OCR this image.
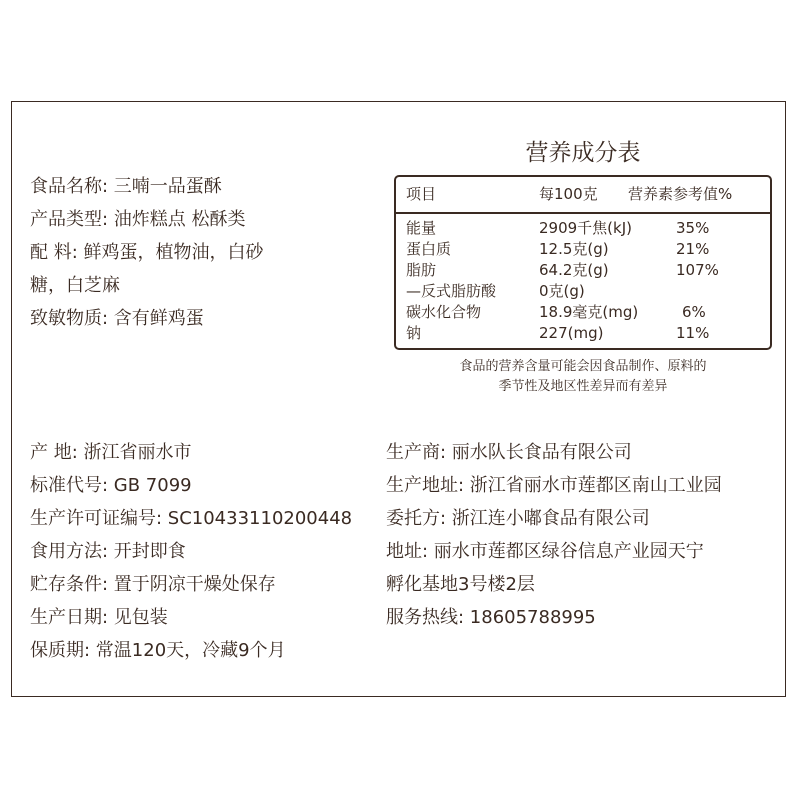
食品名称: 三喃一品蛋酥
产品类型: 油炸糕点 松酥类
配 料: 鲜鸡蛋，植物油，白砂
糖，白芝麻
致敏物质: 含有鲜鸡蛋
营养成分表
项目	每100克 营养素参考值%
能量	2909千焦(kJ)	35%
蛋白质	12.5克(g)	21%
脂肪	64.2克(g)	107%
—反式脂肪酸	0克(g)
碳水化合物	18.9毫克(mg)	6%
钠	227(mg)	11%
食品的营养含量可能会因食品制作、原料的
季节性及地区性差异而有差异
产 地: 浙江省丽水市
标准代号: GB 7099
生产许可证编号: SC10433110200448
食用方法: 开封即食
贮存条件: 置于阴凉干燥处保存
生产日期: 见包装
保质期: 常温120天，冷藏9个月
生产商: 丽水队长食品有限公司
生产地址: 浙江省丽水市莲都区南山工业园
委托方: 浙江连小嘟食品有限公司
地址: 丽水市莲都区绿谷信息产业园天宁
孵化基地3号楼2层
服务热线: 18605788995
